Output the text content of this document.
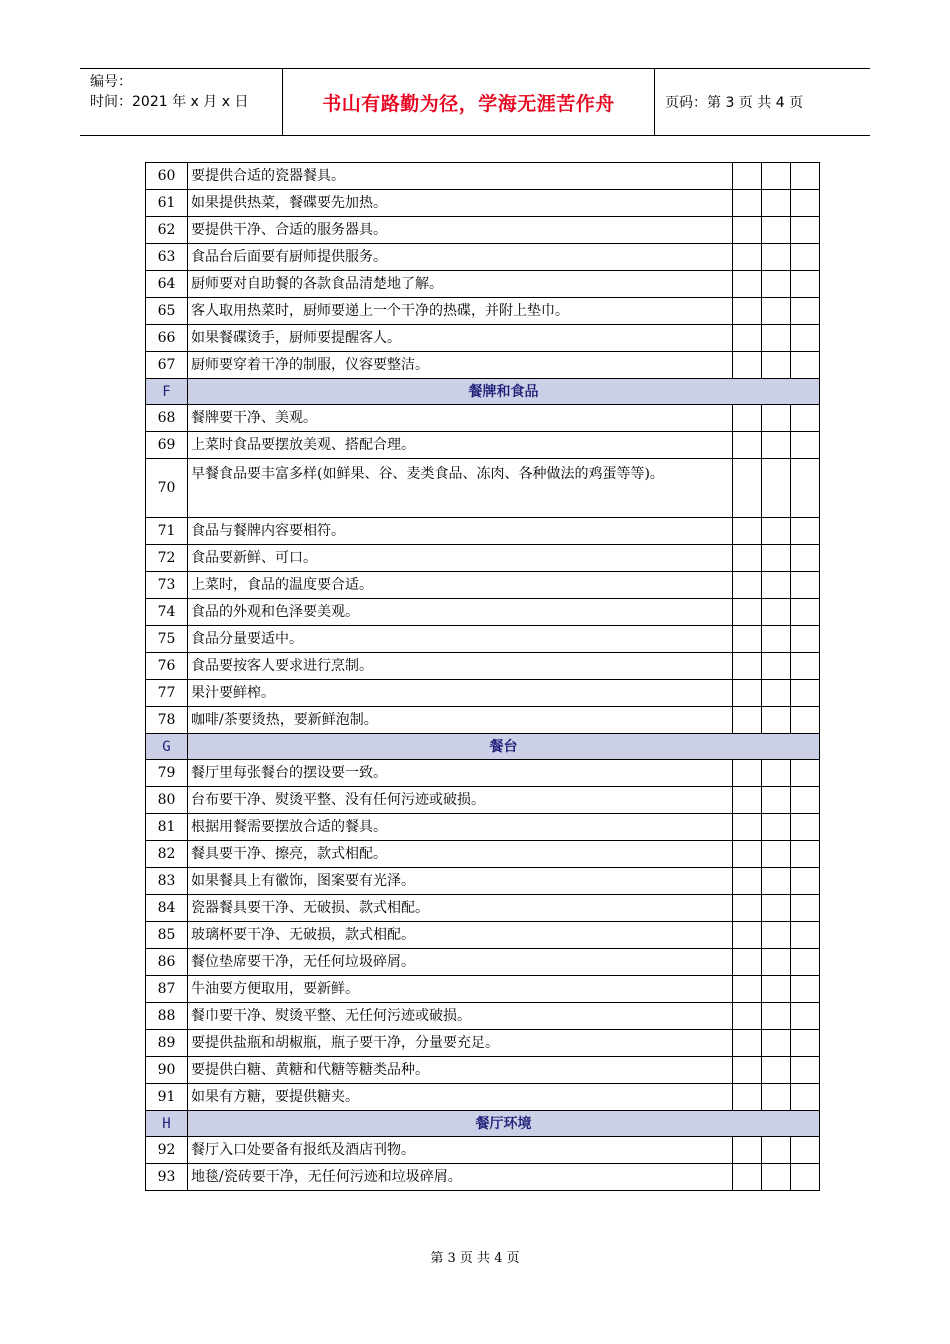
编号：
时间：2021 年 x 月 x 日	书山有路勤为径，学海无涯苦作舟	页码：第 3 页 共 4 页
60	要提供合适的瓷器餐具。			
61	如果提供热菜，餐碟要先加热。			
62	要提供干净、合适的服务器具。			
63	食品台后面要有厨师提供服务。			
64	厨师要对自助餐的各款食品清楚地了解。			
65	客人取用热菜时，厨师要递上一个干净的热碟，并附上垫巾。			
66	如果餐碟烫手，厨师要提醒客人。			
67	厨师要穿着干净的制服，仪容要整洁。			
F	餐牌和食品			
68	餐牌要干净、美观。			
69	上菜时食品要摆放美观、搭配合理。			
70	早餐食品要丰富多样(如鲜果、谷、麦类食品、冻肉、各种做法的鸡蛋等等)。			
71	食品与餐牌内容要相符。			
72	食品要新鲜、可口。			
73	上菜时，食品的温度要合适。			
74	食品的外观和色泽要美观。			
75	食品分量要适中。			
76	食品要按客人要求进行烹制。			
77	果汁要鲜榨。			
78	咖啡/茶要烫热，要新鲜泡制。			
G	餐台			
79	餐厅里每张餐台的摆设要一致。			
80	台布要干净、熨烫平整、没有任何污迹或破损。			
81	根据用餐需要摆放合适的餐具。			
82	餐具要干净、擦亮，款式相配。			
83	如果餐具上有徽饰，图案要有光泽。			
84	瓷器餐具要干净、无破损、款式相配。			
85	玻璃杯要干净、无破损，款式相配。			
86	餐位垫席要干净，无任何垃圾碎屑。			
87	牛油要方便取用，要新鲜。			
88	餐巾要干净、熨烫平整、无任何污迹或破损。			
89	要提供盐瓶和胡椒瓶，瓶子要干净，分量要充足。			
90	要提供白糖、黄糖和代糖等糖类品种。			
91	如果有方糖，要提供糖夹。			
H	餐厅环境			
92	餐厅入口处要备有报纸及酒店刊物。			
93	地毯/瓷砖要干净，无任何污迹和垃圾碎屑。			
第 3 页 共 4 页
